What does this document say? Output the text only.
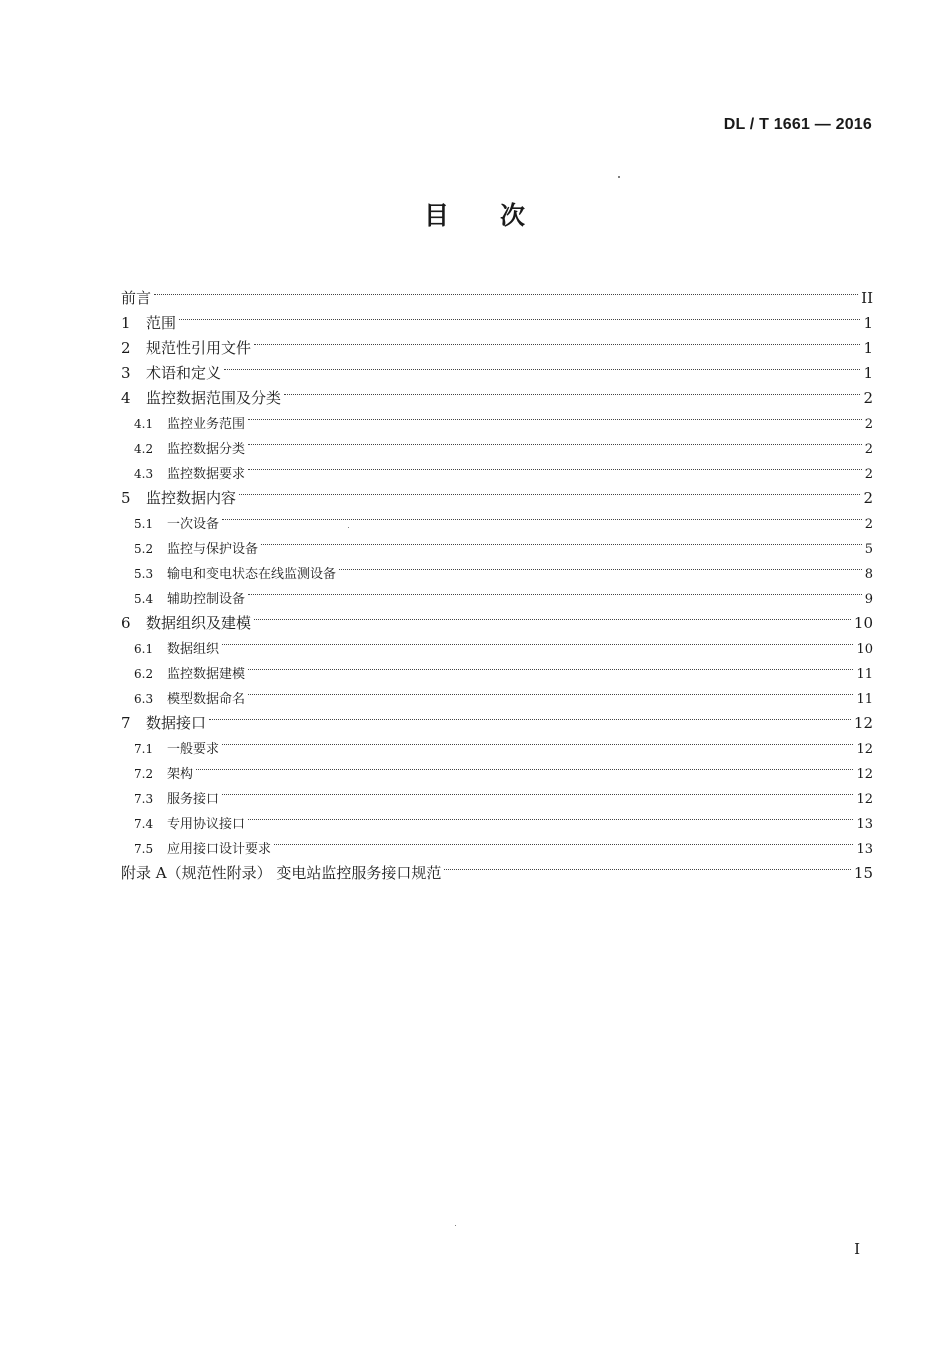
DL / T 1661 — 2016
目 次
前言	II
1	范围	1
2	规范性引用文件	1
3	术语和定义	1
4	监控数据范围及分类	2
4.1	监控业务范围	2
4.2	监控数据分类	2
4.3	监控数据要求	2
5	监控数据内容	2
5.1	一次设备	2
5.2	监控与保护设备	5
5.3	输电和变电状态在线监测设备	8
5.4	辅助控制设备	9
6	数据组织及建模	10
6.1	数据组织	10
6.2	监控数据建模	11
6.3	模型数据命名	11
7	数据接口	12
7.1	一般要求	12
7.2	架构	12
7.3	服务接口	12
7.4	专用协议接口	13
7.5	应用接口设计要求	13
附录 A（规范性附录） 变电站监控服务接口规范	15
I
